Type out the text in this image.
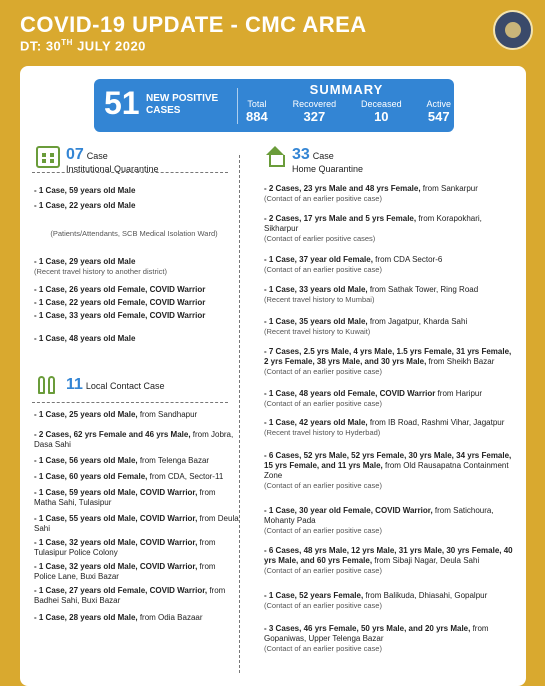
COVID-19 UPDATE - CMC AREA
DT: 30TH JULY 2020
51 NEW POSITIVE CASES
SUMMARY
Total
884
Recovered
327
Deceased
10
Active
547
07 Case
Institutional Quarantine
- 1 Case, 59 years old Male
- 1 Case, 22 years old Male
(Patients/Attendants, SCB Medical Isolation Ward)
- 1 Case, 29 years old Male
(Recent travel history to another district)
- 1 Case, 26 years old Female, COVID Warrior
- 1 Case, 22 years old Female, COVID Warrior
- 1 Case, 33 years old Female, COVID Warrior
- 1 Case, 48 years old Male
11 Local Contact Case
- 1 Case, 25 years old Male, from Sandhapur
- 2 Cases, 62 yrs Female and 46 yrs Male, from Jobra, Dasa Sahi
- 1 Case, 56 years old Male, from Telenga Bazar
- 1 Case, 60 years old Female, from CDA, Sector-11
- 1 Case, 59 years old Male, COVID Warrior, from Matha Sahi, Tulasipur
- 1 Case, 55 years old Male, COVID Warrior, from Deula Sahi
- 1 Case, 32 years old Male, COVID Warrior, from Tulasipur Police Colony
- 1 Case, 32 years old Male, COVID Warrior, from Police Lane, Buxi Bazar
- 1 Case, 27 years old Female, COVID Warrior, from Badhei Sahi, Buxi Bazar
- 1 Case, 28 years old Male, from Odia Bazaar
33 Case
Home Quarantine
- 2 Cases, 23 yrs Male and 48 yrs Female, from Sankarpur
(Contact of an earlier positive case)
- 2 Cases, 17 yrs Male and 5 yrs Female, from Korapokhari, Sikharpur
(Contact of earlier positive cases)
- 1 Case, 37 year old Female, from CDA Sector-6
(Contact of an earlier positive case)
- 1 Case, 33 years old Male, from Sathak Tower, Ring Road
(Recent travel history to Mumbai)
- 1 Case, 35 years old Male, from Jagatpur, Kharda Sahi
(Recent travel history to Kuwait)
- 7 Cases, 2.5 yrs Male, 4 yrs Male, 1.5 yrs Female, 31 yrs Female, 2 yrs Female, 38 yrs Male, and 30 yrs Male, from Sheikh Bazar
(Contact of an earlier positive case)
- 1 Case, 48 years old Female, COVID Warrior from Haripur
(Contact of an earlier positive case)
- 1 Case, 42 years old Male, from IB Road, Rashmi Vihar, Jagatpur
(Recent travel history to Hyderbad)
- 6 Cases, 52 yrs Male, 52 yrs Female, 30 yrs Male, 34 yrs Female, 15 yrs Female, and 11 yrs Male, from Old Rausapatna Containment Zone
(Contact of an earlier positive case)
- 1 Case, 30 year old Female, COVID Warrior, from Satichoura, Mohanty Pada
(Contact of an earlier positive case)
- 6 Cases, 48 yrs Male, 12 yrs Male, 31 yrs Male, 30 yrs Female, 40 yrs Male, and 60 yrs Female, from Sibaji Nagar, Deula Sahi
(Contact of an earlier positive case)
- 1 Case, 52 years Female, from Balikuda, Dhiasahi, Gopalpur
(Contact of an earlier positive case)
- 3 Cases, 46 yrs Female, 50 yrs Male, and 20 yrs Male, from Gopaniwas, Upper Telenga Bazar
(Contact of an earlier positive case)
